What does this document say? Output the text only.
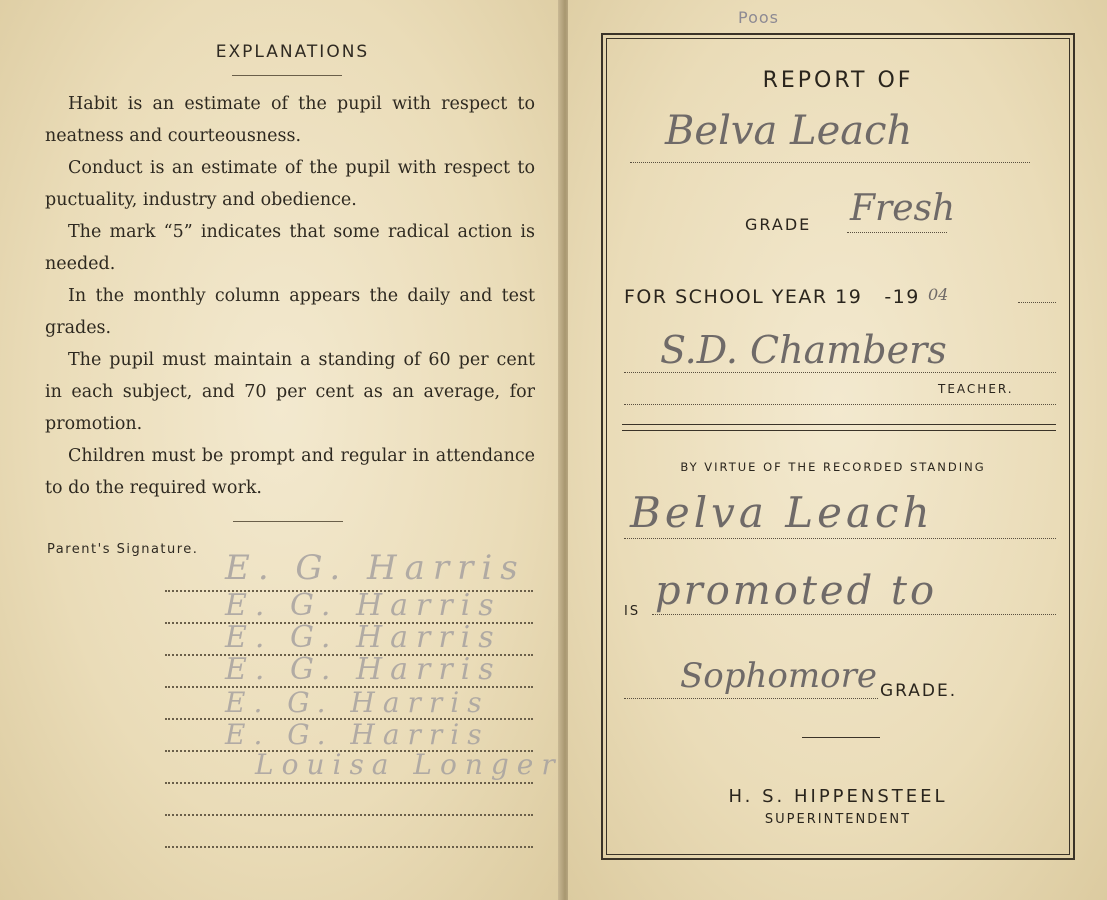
EXPLANATIONS
Habit is an estimate of the pupil with respect to neatness and courteousness.
Conduct is an estimate of the pupil with respect to puctuality, industry and obedience.
The mark “5” indicates that some radical action is needed.
In the monthly column appears the daily and test grades.
The pupil must maintain a standing of 60 per cent in each subject, and 70 per cent as an average, for promotion.
Children must be prompt and regular in attendance to do the required work.
Parent's Signature. E. G. Harris
E. G. Harris
E. G. Harris
E. G. Harris
E. G. Harris
E. G. Harris
Louisa Longer
Poos
REPORT OF
Belva Leach
GRADE Fresh
FOR SCHOOL YEAR 19 -19 04
S.D. Chambers
TEACHER.
BY VIRTUE OF THE RECORDED STANDING
Belva Leach
IS promoted to
Sophomore GRADE.
H. S. HIPPENSTEEL
SUPERINTENDENT
